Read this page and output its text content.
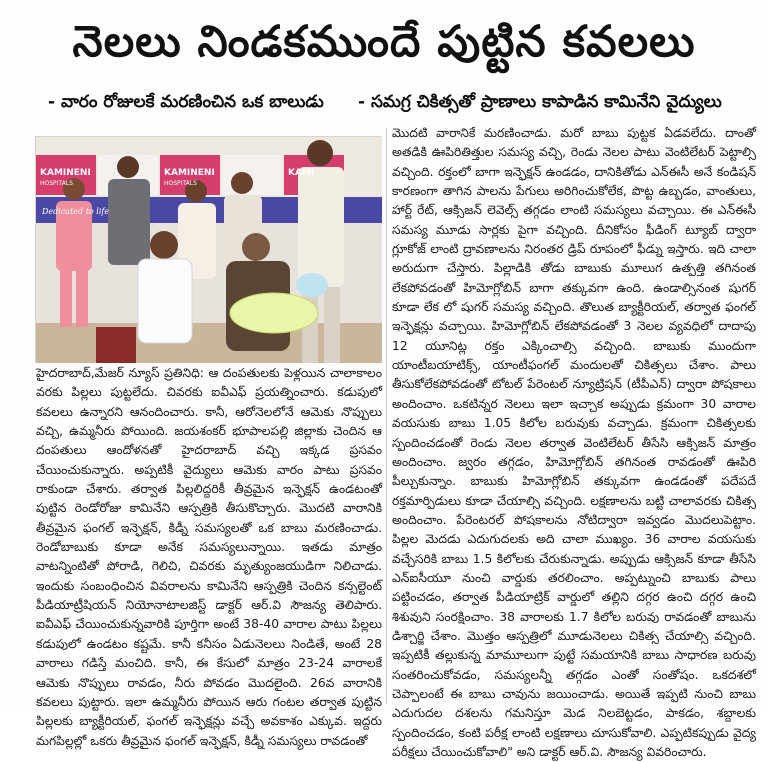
నెలలు నిండకముందే పుట్టిన కవలలు
- వారం రోజులకే మరణించిన ఒక బాలుడు - సమగ్ర చికిత్సతో ప్రాణాలు కాపాడిన కామినేని వైద్యులు
KAMINENI
HOSPITALS
KAMINENI
HOSPITALS
KAMI
Dedicated to life

హైదరాబాద్,మేజర్ న్యూస్ ప్రతినిధి: ఆ దంపతులకు పెళ్లయిన చాలాకాలం వరకు పిల్లలు పుట్టలేదు. చివరకు ఐవీఎఫ్ ప్రయత్నించారు. కడుపులో కవలలు ఉన్నారని ఆనందించారు. కానీ, ఆరోనెలలోనే ఆమెకు నొప్పులు వచ్చి, ఉమ్మనీరు పోయింది. జయశంకర్ భూపాలపల్లి జిల్లాకు చెందిన ఆ దంపతులు ఆందోళనతో హైదరాబాద్ వచ్చి ఇక్కడ ప్రసవం చేయించుకున్నారు. అప్పటికీ వైద్యులు ఆమెకు వారం పాటు ప్రసవం రాకుండా చేశారు. తర్వాత పిల్లలిద్దరికీ తీవ్రమైన ఇన్ఫెక్షన్ ఉండటంతో పుట్టిన రెండోరోజు కామినేని ఆస్పత్రికి తీసుకొచ్చారు. మొదటి వారానికి తీవ్రమైన ఫంగల్ ఇన్ఫెక్షన్, కిడ్నీ సమస్యలతో ఒక బాబు మరణించాడు. రెండోబాబుకు కూడా అనేక సమస్యలున్నాయి. ఇతడు మాత్రం వాటన్నింటితో పోరాడి, గెలిచి, చివరకు మృత్యుంజయుడిగా నిలిచాడు. ఇందుకు సంబంధించిన వివరాలను కామినేని ఆస్పత్రికి చెందిన కన్సల్టెంట్ పీడియాట్రీషియన్ నియోనాటాలజిస్ట్ డాక్టర్ ఆర్.వి సౌజన్య తెలిపారు. ఐవీఎఫ్ చేయించుకున్నవారికి పూర్తిగా అంటే 38-40 వారాల పాటు పిల్లలు కడుపులో ఉండటం కష్టమే. కానీ కనీసం ఏడునెలలు నిండితే, అంటే 28 వారాలు గడిస్తే మంచిది. కానీ, ఈ కేసులో మాత్రం 23-24 వారాలకే ఆమెకు నొప్పులు రావడం, నీరు పోవడం మొదలైంది. 26వ వారానికి కవలలు పుట్టారు. ఇలా ఉమ్మనీరు పోయిన ఆరు గంటల తర్వాత పుట్టిన పిల్లలకు బ్యాక్టీరియల్, ఫంగల్ ఇన్ఫెక్షన్లు వచ్చే అవకాశం ఎక్కువ. ఇద్దరు మగపిల్లల్లో ఒకరు తీవ్రమైన ఫంగల్ ఇన్ఫెక్షన్, కిడ్నీ సమస్యలు రావడంతో

మొదటి వారానికే మరణించాడు. మరో బాబు పుట్టక ఏడవలేదు. దాంతో అతడికి ఊపిరితిత్తుల సమస్య వచ్చి, రెండు నెలల పాటు వెంటిలేటర్ పెట్టాల్సి వచ్చింది. రక్తంలో బాగా ఇన్ఫెక్షన్ ఉండడం, దానికితోడు ఎన్ఈసీ అనే కండిషన్ కారణంగా తాగిన పాలను పేగులు అరిగించుకోలేక, పొట్ట ఉబ్బడం, వాంతులు, హార్ట్ రేట్, ఆక్సిజన్ లెవెల్స్ తగ్గడం లాంటి సమస్యలు వచ్చాయి. ఈ ఎన్ఈసీ సమస్య మూడు సార్లకు పైగా వచ్చింది. దీనికోసం ఫీడింగ్ ట్యూబ్ ద్వారా గ్లూకోజ్ లాంటి ద్రావణాలను నిరంతర డ్రిప్ రూపంలో ఫీడ్ను ఇస్తారు. ఇది చాలా అరుదుగా చేస్తారు. పిల్లాడికి తోడు బాబుకు మూలుగ ఉత్పత్తి తగినంత లేకపోవడంతో హిమోగ్లోబిన్ బాగా తక్కువగా ఉంది. ఉండాల్సినంత షుగర్ కూడా లేక లో షుగర్ సమస్య వచ్చింది. తొలుత బ్యాక్టీరియల్, తర్వాత ఫంగల్ ఇన్ఫెక్షన్లు వచ్చాయి. హిమోగ్లోబిన్ లేకపోవడంతో 3 నెలల వ్యవధిలో దాదాపు 12 యూనిట్ల రక్తం ఎక్కించాల్సి వచ్చింది. బాబుకు ముందుగా యాంటీబయాటిక్స్, యాంటీఫంగల్ మందులతో చికిత్సలు చేశాం. పాలు తీసుకోలేకపోవడంతో టోటల్ పేరెంటల్ న్యూట్రిషన్ (టీపీఎన్) ద్వారా పోషకాలు అందించాం. ఒకటిన్నర నెలలు ఇలా ఇచ్చాక అప్పుడు క్రమంగా 30 వారాల వయసుకు బాబు 1.05 కిలోల బరువుకు వచ్చాడు. క్రమంగా చికిత్సలకు స్పందించడంతో రెండు నెలల తర్వాత వెంటిలేటర్ తీసేసి ఆక్సిజన్ మాత్రం అందించాం. జ్వరం తగ్గడం, హిమోగ్లోబిన్ తగినంత రావడంతో ఊపిరి పీల్చుకున్నాం. బాబుకు హిమోగ్లోబిన్ తక్కువగా ఉండడంతో పదేపదే రక్తమార్పిడులు కూడా చేయాల్సి వచ్చింది. లక్షణాలను బట్టి చాలావరకు చికిత్స అందించాం. పేరెంటరల్ పోషకాలను నోటిద్వారా ఇవ్వడం మొదలుపెట్టాం. పిల్లల మెదడు ఎదుగుదలకు అది చాలా ముఖ్యం. 36 వారాల వయసుకు వచ్చేసరికి బాబు 1.5 కిలోలకు చేరుకున్నాడు. అప్పుడు ఆక్సిజన్ కూడా తీసేసి ఎన్ఐసీయూ నుంచి వార్డుకు తరలించాం. అప్పట్నుంచి బాబుకు పాలు పట్టించడం, తర్వాత పీడియాట్రిక్ వార్డులో తల్లిని దగ్గర ఉంచి దగ్గర ఉంచి శిశువుని సంరక్షించాం. 38 వారాలకు 1.7 కిలోల బరువు రావడంతో బాబును డిశ్చార్జి చేశాం. మొత్తం ఆస్పత్రిలో మూడునెలలు చికిత్స చేయాల్సి వచ్చింది. ఇప్పటికీ తల్లుకున్న మామూలుగా పుట్టే సమయానికి బాబు సాధారణ బరువు సంతరించుకోవడం, సమస్యలన్నీ తగ్గడం ఎంతో సంతోషం. ఒకదశలో చెప్పాలంటే ఈ బాబు చావును జయించాడు. అయితే ఇప్పటి నుంచి బాబు ఎదుగుదల దశలను గమనిస్తూ మెడ నిలబెట్టడం, పాకడం, శబ్దాలకు స్పందించడం, కంటి పరీక్ష లాంటి లక్షణాలు చూసుకోవాలి. ఎప్పటికప్పుడు వైద్య పరీక్షలు చేయించుకోవాలి" అని డాక్టర్ ఆర్.వి. సౌజన్య వివరించారు.
